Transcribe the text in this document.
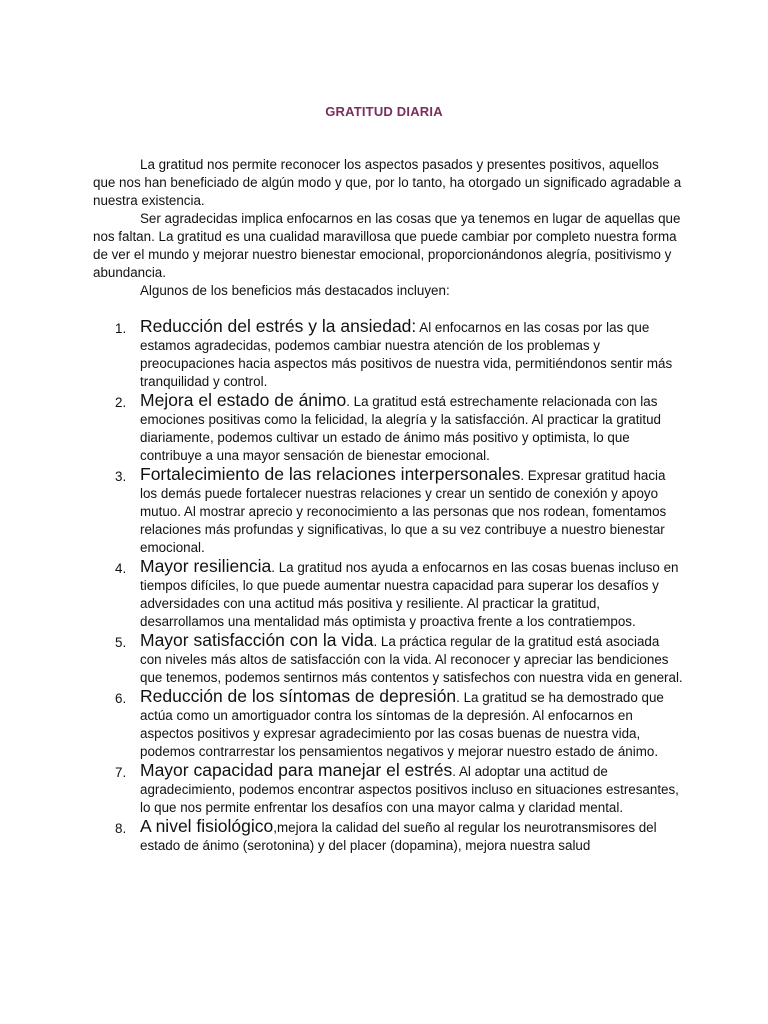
GRATITUD DIARIA

La gratitud nos permite reconocer los aspectos pasados y presentes positivos, aquellos que nos han beneficiado de algún modo y que, por lo tanto, ha otorgado un significado agradable a nuestra existencia.

Ser agradecidas implica enfocarnos en las cosas que ya tenemos en lugar de aquellas que nos faltan. La gratitud es una cualidad maravillosa que puede cambiar por completo nuestra forma de ver el mundo y mejorar nuestro bienestar emocional, proporcionándonos alegría, positivismo y abundancia.

Algunos de los beneficios más destacados incluyen:

1. Reducción del estrés y la ansiedad: Al enfocarnos en las cosas por las que estamos agradecidas, podemos cambiar nuestra atención de los problemas y preocupaciones hacia aspectos más positivos de nuestra vida, permitiéndonos sentir más tranquilidad y control.
2. Mejora el estado de ánimo. La gratitud está estrechamente relacionada con las emociones positivas como la felicidad, la alegría y la satisfacción. Al practicar la gratitud diariamente, podemos cultivar un estado de ánimo más positivo y optimista, lo que contribuye a una mayor sensación de bienestar emocional.
3. Fortalecimiento de las relaciones interpersonales. Expresar gratitud hacia los demás puede fortalecer nuestras relaciones y crear un sentido de conexión y apoyo mutuo. Al mostrar aprecio y reconocimiento a las personas que nos rodean, fomentamos relaciones más profundas y significativas, lo que a su vez contribuye a nuestro bienestar emocional.
4. Mayor resiliencia. La gratitud nos ayuda a enfocarnos en las cosas buenas incluso en tiempos difíciles, lo que puede aumentar nuestra capacidad para superar los desafíos y adversidades con una actitud más positiva y resiliente. Al practicar la gratitud, desarrollamos una mentalidad más optimista y proactiva frente a los contratiempos.
5. Mayor satisfacción con la vida. La práctica regular de la gratitud está asociada con niveles más altos de satisfacción con la vida. Al reconocer y apreciar las bendiciones que tenemos, podemos sentirnos más contentos y satisfechos con nuestra vida en general.
6. Reducción de los síntomas de depresión. La gratitud se ha demostrado que actúa como un amortiguador contra los síntomas de la depresión. Al enfocarnos en aspectos positivos y expresar agradecimiento por las cosas buenas de nuestra vida, podemos contrarrestar los pensamientos negativos y mejorar nuestro estado de ánimo.
7. Mayor capacidad para manejar el estrés. Al adoptar una actitud de agradecimiento, podemos encontrar aspectos positivos incluso en situaciones estresantes, lo que nos permite enfrentar los desafíos con una mayor calma y claridad mental.
8. A nivel fisiológico,mejora la calidad del sueño al regular los neurotransmisores del estado de ánimo (serotonina) y del placer (dopamina), mejora nuestra salud
